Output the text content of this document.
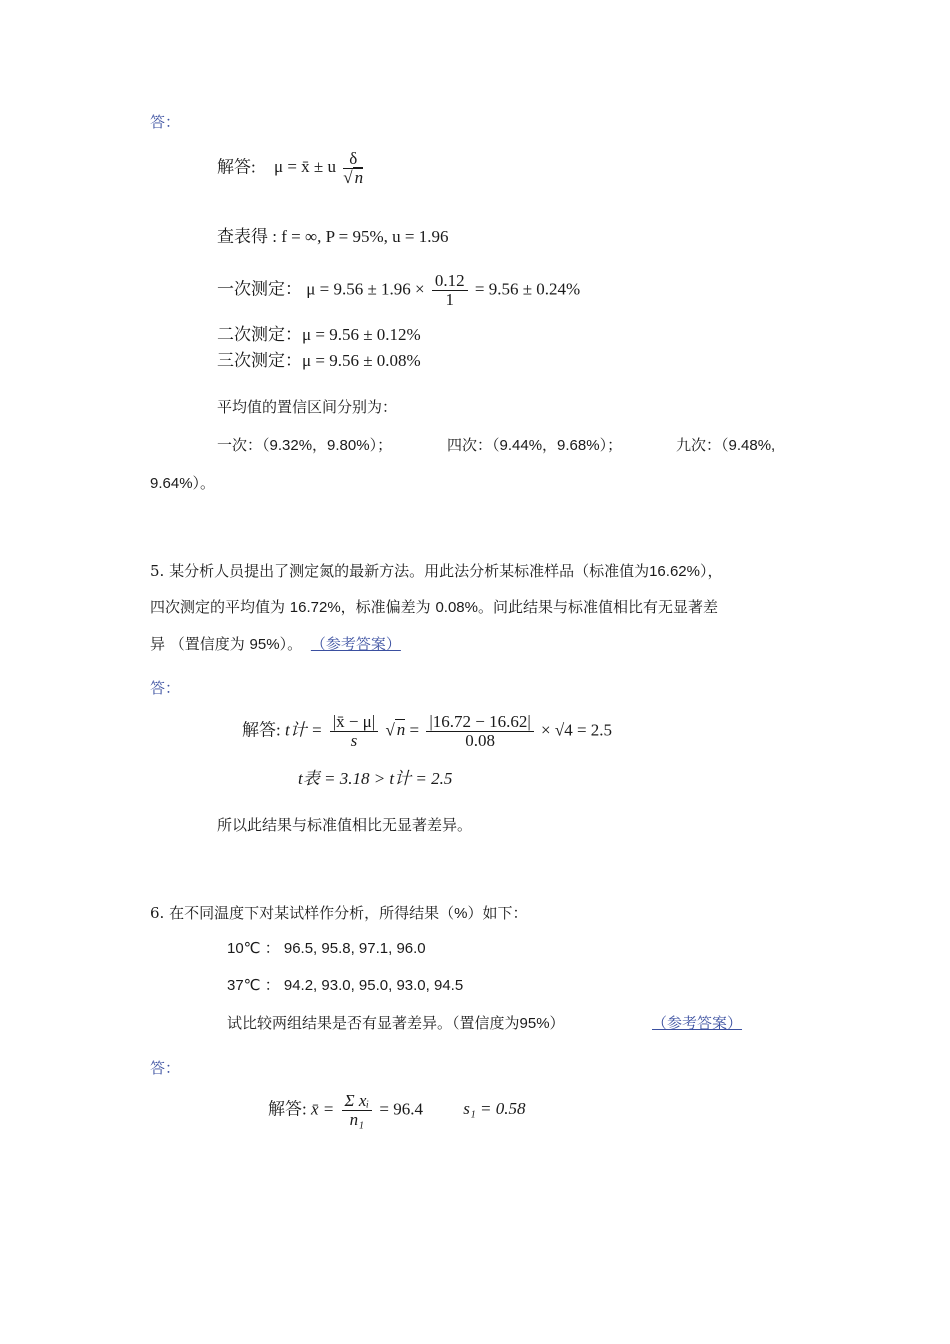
答：
解答: μ = x̄ ± u $\frac{\delta}{√ n}$
查表得 : f = ∞, P = 95%, u = 1.96
一次测定： $\mu = 9.56 \pm 1.96 \times \frac{0.12}{1} = 9.56 \pm 0.24\%$
二次测定：μ = 9.56 ± 0.12%
三次测定：μ = 9.56 ± 0.08%
平均值的置信区间分别为：
一次：（9.32%，9.80%）；	四次：（9.44%，9.68%）；	九次：（9.48%,
9.64%）。
5. 某分析人员提出了测定氮的最新方法。用此法分析某标准样品（标准值为16.62%），
四次测定的平均值为 16.72%，标准偏差为 0.08%。问此结果与标准值相比有无显著差
异 （置信度为 95%）。 （参考答案）
答：
解答: t计 = $\frac{|x̄ - \mu|}{s}$ √ $n = \frac{|16.72 - 16.62|}{0.08} \times √4 = 2.5$
t表 = 3.18 > t计 = 2.5
所以此结果与标准值相比无显著差异。
6. 在不同温度下对某试样作分析，所得结果（%）如下：
10℃ ： 96.5, 95.8, 97.1, 96.0
37℃ ： 94.2, 93.0, 95.0, 93.0, 94.5
试比较两组结果是否有显著差异。（置信度为95%）	（参考答案）
答：
解答: x̄ = $\frac{\text{Σ xᵢ}}{\text{n₁}} = 96.4$ s₁ = 0.58
